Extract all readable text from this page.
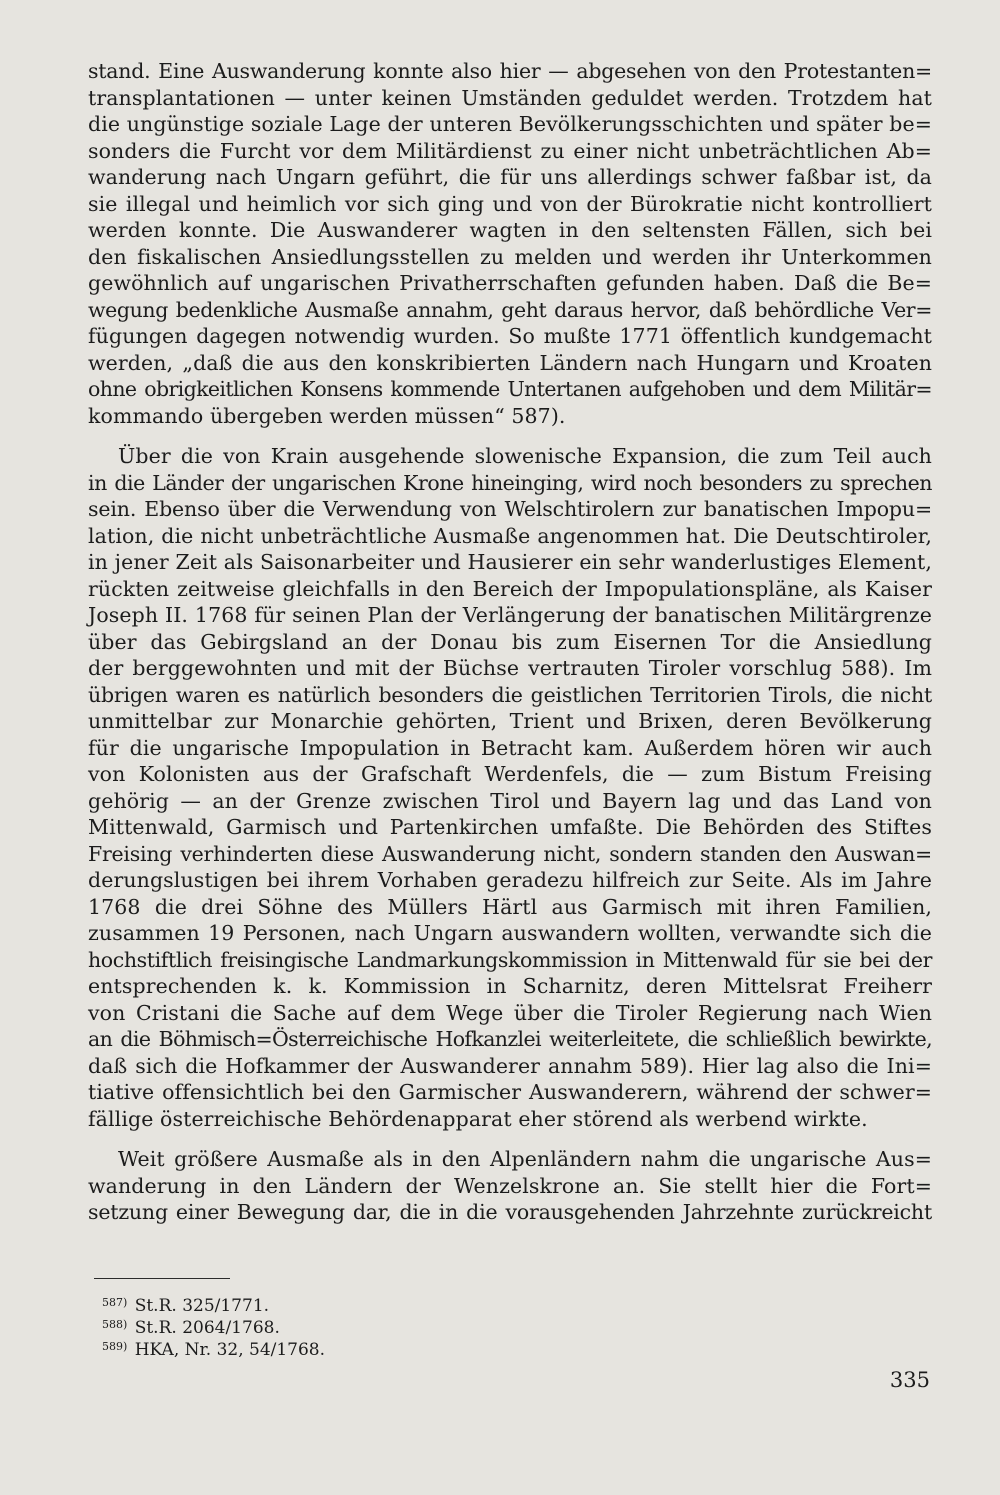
stand. Eine Auswanderung konnte also hier — abgesehen von den Protestanten=
transplantationen — unter keinen Umständen geduldet werden. Trotzdem hat
die ungünstige soziale Lage der unteren Bevölkerungsschichten und später be=
sonders die Furcht vor dem Militärdienst zu einer nicht unbeträchtlichen Ab=
wanderung nach Ungarn geführt, die für uns allerdings schwer faßbar ist, da
sie illegal und heimlich vor sich ging und von der Bürokratie nicht kontrolliert
werden konnte. Die Auswanderer wagten in den seltensten Fällen, sich bei
den fiskalischen Ansiedlungsstellen zu melden und werden ihr Unterkommen
gewöhnlich auf ungarischen Privatherrschaften gefunden haben. Daß die Be=
wegung bedenkliche Ausmaße annahm, geht daraus hervor, daß behördliche Ver=
fügungen dagegen notwendig wurden. So mußte 1771 öffentlich kundgemacht
werden, „daß die aus den konskribierten Ländern nach Hungarn und Kroaten
ohne obrigkeitlichen Konsens kommende Untertanen aufgehoben und dem Militär=
kommando übergeben werden müssen“ 587).

Über die von Krain ausgehende slowenische Expansion, die zum Teil auch
in die Länder der ungarischen Krone hineinging, wird noch besonders zu sprechen
sein. Ebenso über die Verwendung von Welschtirolern zur banatischen Impopu=
lation, die nicht unbeträchtliche Ausmaße angenommen hat. Die Deutschtiroler,
in jener Zeit als Saisonarbeiter und Hausierer ein sehr wanderlustiges Element,
rückten zeitweise gleichfalls in den Bereich der Impopulationspläne, als Kaiser
Joseph II. 1768 für seinen Plan der Verlängerung der banatischen Militärgrenze
über das Gebirgsland an der Donau bis zum Eisernen Tor die Ansiedlung
der berggewohnten und mit der Büchse vertrauten Tiroler vorschlug 588). Im
übrigen waren es natürlich besonders die geistlichen Territorien Tirols, die nicht
unmittelbar zur Monarchie gehörten, Trient und Brixen, deren Bevölkerung
für die ungarische Impopulation in Betracht kam. Außerdem hören wir auch
von Kolonisten aus der Grafschaft Werdenfels, die — zum Bistum Freising
gehörig — an der Grenze zwischen Tirol und Bayern lag und das Land von
Mittenwald, Garmisch und Partenkirchen umfaßte. Die Behörden des Stiftes
Freising verhinderten diese Auswanderung nicht, sondern standen den Auswan=
derungslustigen bei ihrem Vorhaben geradezu hilfreich zur Seite. Als im Jahre
1768 die drei Söhne des Müllers Härtl aus Garmisch mit ihren Familien,
zusammen 19 Personen, nach Ungarn auswandern wollten, verwandte sich die
hochstiftlich freisingische Landmarkungskommission in Mittenwald für sie bei der
entsprechenden k. k. Kommission in Scharnitz, deren Mittelsrat Freiherr
von Cristani die Sache auf dem Wege über die Tiroler Regierung nach Wien
an die Böhmisch=Österreichische Hofkanzlei weiterleitete, die schließlich bewirkte,
daß sich die Hofkammer der Auswanderer annahm 589). Hier lag also die Ini=
tiative offensichtlich bei den Garmischer Auswanderern, während der schwer=
fällige österreichische Behördenapparat eher störend als werbend wirkte.

Weit größere Ausmaße als in den Alpenländern nahm die ungarische Aus=
wanderung in den Ländern der Wenzelskrone an. Sie stellt hier die Fort=
setzung einer Bewegung dar, die in die vorausgehenden Jahrzehnte zurückreicht

$^{587)}$ St.R. 325/1771.
$^{588)}$ St.R. 2064/1768.
$^{589)}$ HKA, Nr. 32, 54/1768.
335
